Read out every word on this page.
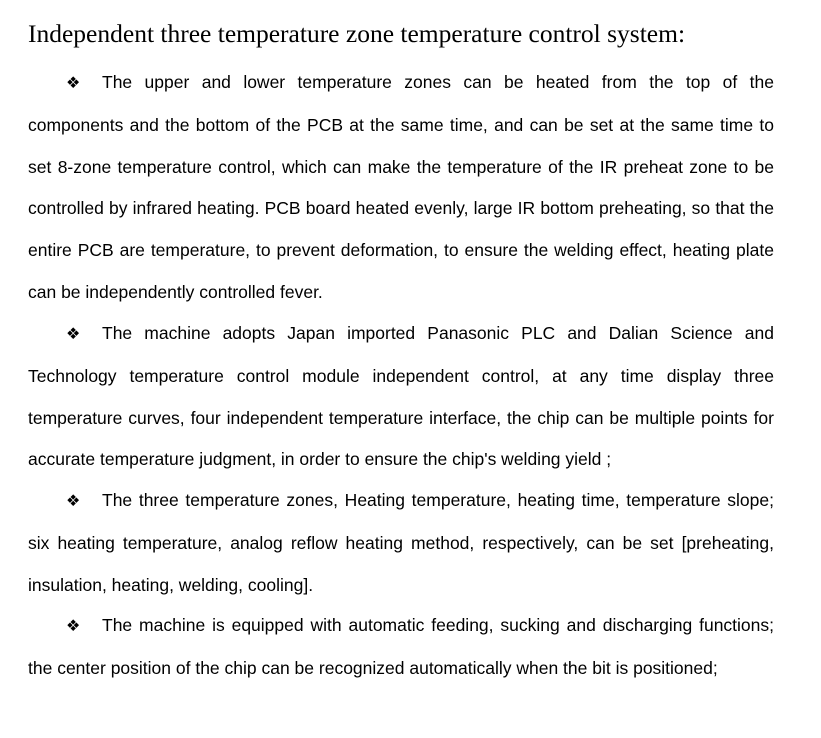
Independent three temperature zone temperature control system:
❖ The upper and lower temperature zones can be heated from the top of the components and the bottom of the PCB at the same time, and can be set at the same time to set 8-zone temperature control, which can make the temperature of the IR preheat zone to be controlled by infrared heating. PCB board heated evenly, large IR bottom preheating, so that the entire PCB are temperature, to prevent deformation, to ensure the welding effect, heating plate can be independently controlled fever.
❖ The machine adopts Japan imported Panasonic PLC and Dalian Science and Technology temperature control module independent control, at any time display three temperature curves, four independent temperature interface, the chip can be multiple points for accurate temperature judgment, in order to ensure the chip's welding yield ;
❖ The three temperature zones, Heating temperature, heating time, temperature slope; six heating temperature, analog reflow heating method, respectively, can be set [preheating, insulation, heating, welding, cooling].
❖ The machine is equipped with automatic feeding, sucking and discharging functions; the center position of the chip can be recognized automatically when the bit is positioned;
